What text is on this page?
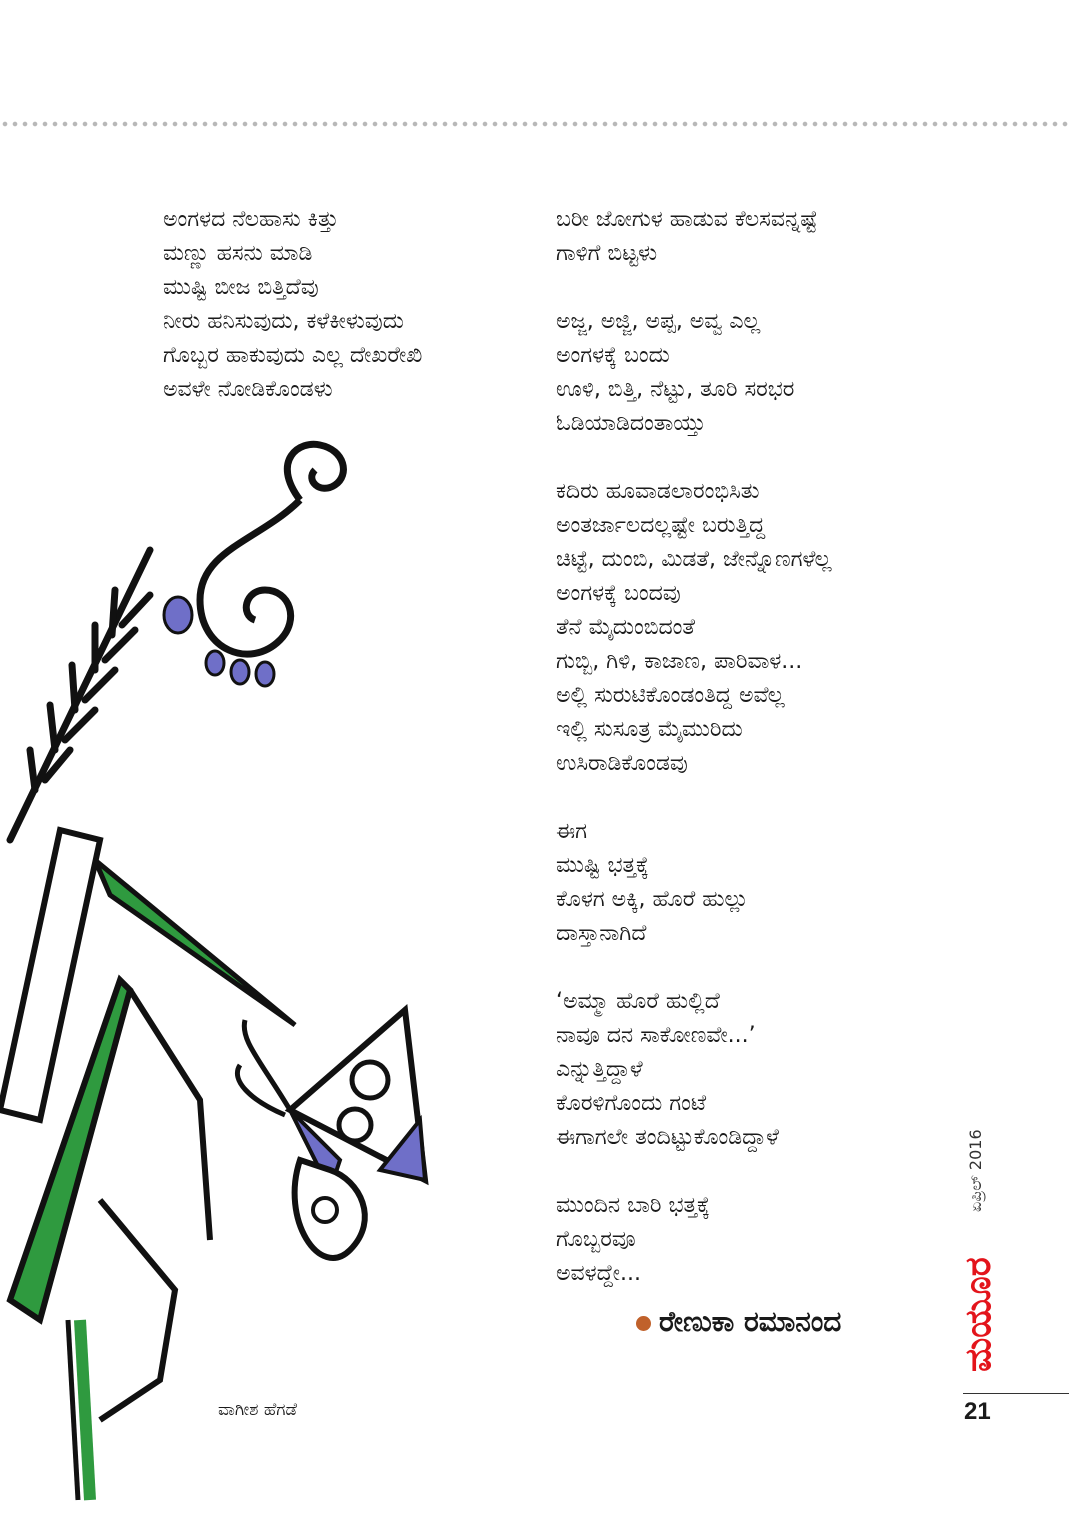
ಅಂಗಳದ ನೆಲಹಾಸು ಕಿತ್ತು
ಮಣ್ಣು ಹಸನು ಮಾಡಿ
ಮುಷ್ಟಿ ಬೀಜ ಬಿತ್ತಿದೆವು
ನೀರು ಹನಿಸುವುದು, ಕಳೆಕೀಳುವುದು
ಗೊಬ್ಬರ ಹಾಕುವುದು ಎಲ್ಲ ದೇಖರೇಖಿ
ಅವಳೇ ನೋಡಿಕೊಂಡಳು
ಬರೀ ಜೋಗುಳ ಹಾಡುವ ಕೆಲಸವನ್ನಷ್ಟೆ
ಗಾಳಿಗೆ ಬಿಟ್ಟಳು
ಅಜ್ಜ, ಅಜ್ಜಿ, ಅಪ್ಪ, ಅವ್ವ ಎಲ್ಲ
ಅಂಗಳಕ್ಕೆ ಬಂದು
ಊಳಿ, ಬಿತ್ತಿ, ನೆಟ್ಟು, ತೂರಿ ಸರಭರ
ಓಡಿಯಾಡಿದಂತಾಯ್ತು
ಕದಿರು ಹೂವಾಡಲಾರಂಭಿಸಿತು
ಅಂತರ್ಜಾಲದಲ್ಲಷ್ಟೇ ಬರುತ್ತಿದ್ದ
ಚಿಟ್ಟೆ, ದುಂಬಿ, ಮಿಡತೆ, ಜೇನ್ನೊಣಗಳೆಲ್ಲ
ಅಂಗಳಕ್ಕೆ ಬಂದವು
ತೆನೆ ಮೈದುಂಬಿದಂತೆ
ಗುಬ್ಬಿ, ಗಿಳಿ, ಕಾಜಾಣ, ಪಾರಿವಾಳ...
ಅಲ್ಲಿ ಸುರುಟಿಕೊಂಡಂತಿದ್ದ ಅವೆಲ್ಲ
ಇಲ್ಲಿ ಸುಸೂತ್ರ ಮೈಮುರಿದು
ಉಸಿರಾಡಿಕೊಂಡವು
ಈಗ
ಮುಷ್ಟಿ ಭತ್ತಕ್ಕೆ
ಕೊಳಗ ಅಕ್ಕಿ, ಹೊರೆ ಹುಲ್ಲು
ದಾಸ್ತಾನಾಗಿದೆ
‘ಅಮ್ಮಾ ಹೊರೆ ಹುಲ್ಲಿದೆ
ನಾವೂ ದನ ಸಾಕೋಣವೇ...’
ಎನ್ನುತ್ತಿದ್ದಾಳೆ
ಕೊರಳಿಗೊಂದು ಗಂಟೆ
ಈಗಾಗಲೇ ತಂದಿಟ್ಟುಕೊಂಡಿದ್ದಾಳೆ
ಮುಂದಿನ ಬಾರಿ ಭತ್ತಕ್ಕೆ
ಗೊಬ್ಬರವೂ
ಅವಳದ್ದೇ...
ರೇಣುಕಾ ರಮಾನಂದ
ವಾಗೀಶ ಹೆಗಡೆ
ಏಪ್ರಿಲ್ 2016
ಮಯೂರ
21
